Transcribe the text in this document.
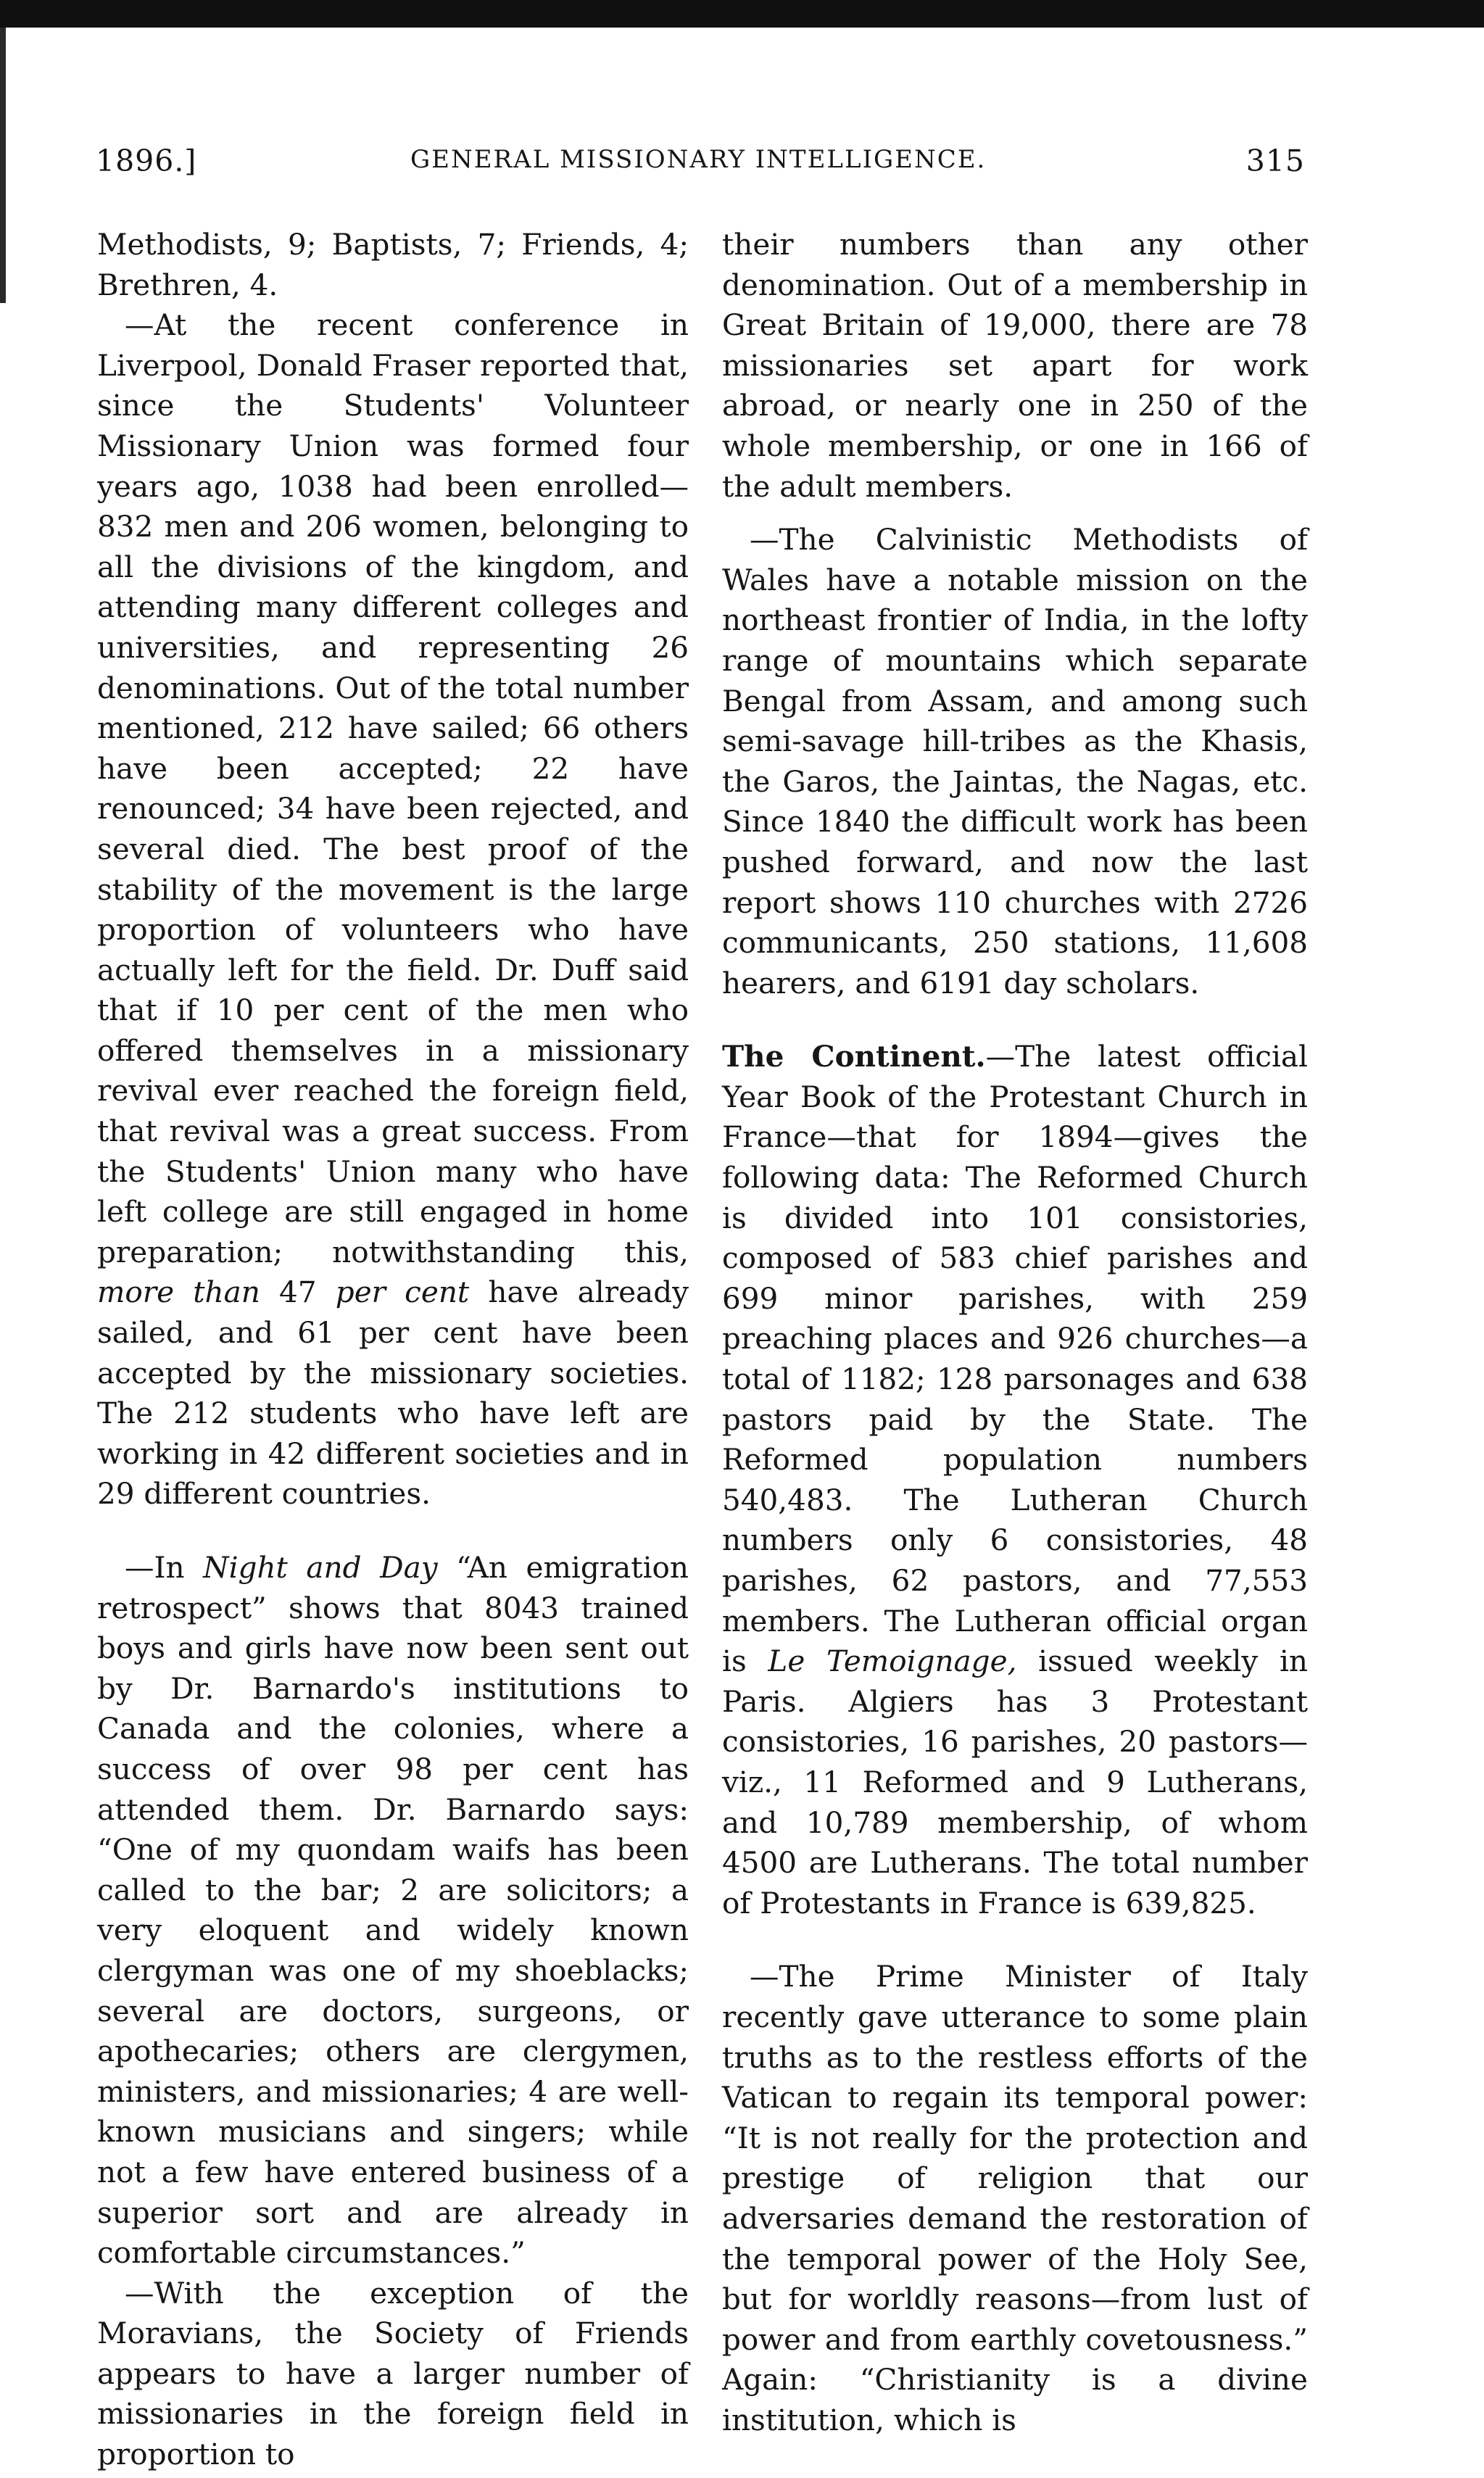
1896.]	GENERAL MISSIONARY INTELLIGENCE.	315

Methodists, 9; Baptists, 7; Friends, 4; Brethren, 4.

—At the recent conference in Liverpool, Donald Fraser reported that, since the Students' Volunteer Missionary Union was formed four years ago, 1038 had been enrolled—832 men and 206 women, belonging to all the divisions of the kingdom, and attending many different colleges and universities, and representing 26 denominations. Out of the total number mentioned, 212 have sailed; 66 others have been accepted; 22 have renounced; 34 have been rejected, and several died. The best proof of the stability of the movement is the large proportion of volunteers who have actually left for the field. Dr. Duff said that if 10 per cent of the men who offered themselves in a missionary revival ever reached the foreign field, that revival was a great success. From the Students' Union many who have left college are still engaged in home preparation; notwithstanding this, more than 47 per cent have already sailed, and 61 per cent have been accepted by the missionary societies. The 212 students who have left are working in 42 different societies and in 29 different countries.

—In Night and Day “An emigration retrospect” shows that 8043 trained boys and girls have now been sent out by Dr. Barnardo's institutions to Canada and the colonies, where a success of over 98 per cent has attended them. Dr. Barnardo says: “One of my quondam waifs has been called to the bar; 2 are solicitors; a very eloquent and widely known clergyman was one of my shoeblacks; several are doctors, surgeons, or apothecaries; others are clergymen, ministers, and missionaries; 4 are well-known musicians and singers; while not a few have entered business of a superior sort and are already in comfortable circumstances.”

—With the exception of the Moravians, the Society of Friends appears to have a larger number of missionaries in the foreign field in proportion to

their numbers than any other denomination. Out of a membership in Great Britain of 19,000, there are 78 missionaries set apart for work abroad, or nearly one in 250 of the whole membership, or one in 166 of the adult members.

—The Calvinistic Methodists of Wales have a notable mission on the northeast frontier of India, in the lofty range of mountains which separate Bengal from Assam, and among such semi-savage hill-tribes as the Khasis, the Garos, the Jaintas, the Nagas, etc. Since 1840 the difficult work has been pushed forward, and now the last report shows 110 churches with 2726 communicants, 250 stations, 11,608 hearers, and 6191 day scholars.

The Continent.—The latest official Year Book of the Protestant Church in France—that for 1894—gives the following data: The Reformed Church is divided into 101 consistories, composed of 583 chief parishes and 699 minor parishes, with 259 preaching places and 926 churches—a total of 1182; 128 parsonages and 638 pastors paid by the State. The Reformed population numbers 540,483. The Lutheran Church numbers only 6 consistories, 48 parishes, 62 pastors, and 77,553 members. The Lutheran official organ is Le Temoignage, issued weekly in Paris. Algiers has 3 Protestant consistories, 16 parishes, 20 pastors—viz., 11 Reformed and 9 Lutherans, and 10,789 membership, of whom 4500 are Lutherans. The total number of Protestants in France is 639,825.

—The Prime Minister of Italy recently gave utterance to some plain truths as to the restless efforts of the Vatican to regain its temporal power: “It is not really for the protection and prestige of religion that our adversaries demand the restoration of the temporal power of the Holy See, but for worldly reasons—from lust of power and from earthly covetousness.” Again: “Christianity is a divine institution, which is
